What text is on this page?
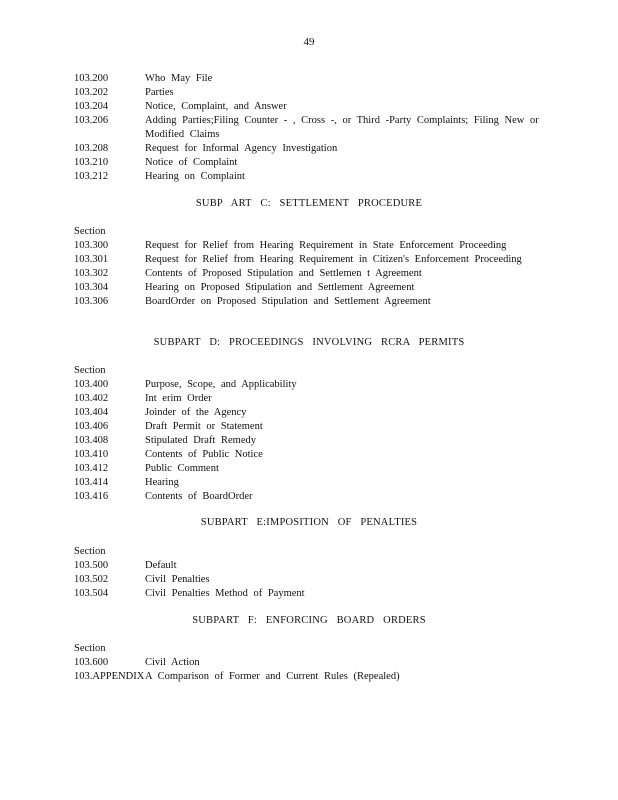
49
103.200	Who May File
103.202	Parties
103.204	Notice, Complaint, and Answer
103.206	Adding Parties;Filing Counter - , Cross -, or Third -Party Complaints; Filing New or Modified Claims
103.208	Request for Informal Agency Investigation
103.210	Notice of Complaint
103.212	Hearing on Complaint
SUBP ART C: SETTLEMENT PROCEDURE
Section
103.300	Request for Relief from Hearing Requirement in State Enforcement Proceeding
103.301	Request for Relief from Hearing Requirement in Citizen's Enforcement Proceeding
103.302	Contents of Proposed Stipulation and Settlemen t Agreement
103.304	Hearing on Proposed Stipulation and Settlement Agreement
103.306	BoardOrder on Proposed Stipulation and Settlement Agreement
SUBPART D: PROCEEDINGS INVOLVING RCRA PERMITS
Section
103.400	Purpose, Scope, and Applicability
103.402	Int erim Order
103.404	Joinder of the Agency
103.406	Draft Permit or Statement
103.408	Stipulated Draft Remedy
103.410	Contents of Public Notice
103.412	Public Comment
103.414	Hearing
103.416	Contents of BoardOrder
SUBPART E:IMPOSITION OF PENALTIES
Section
103.500	Default
103.502	Civil Penalties
103.504	Civil Penalties Method of Payment
SUBPART F: ENFORCING BOARD ORDERS
Section
103.600	Civil Action
103.APPENDIX A Comparison of Former and Current Rules (Repealed)
